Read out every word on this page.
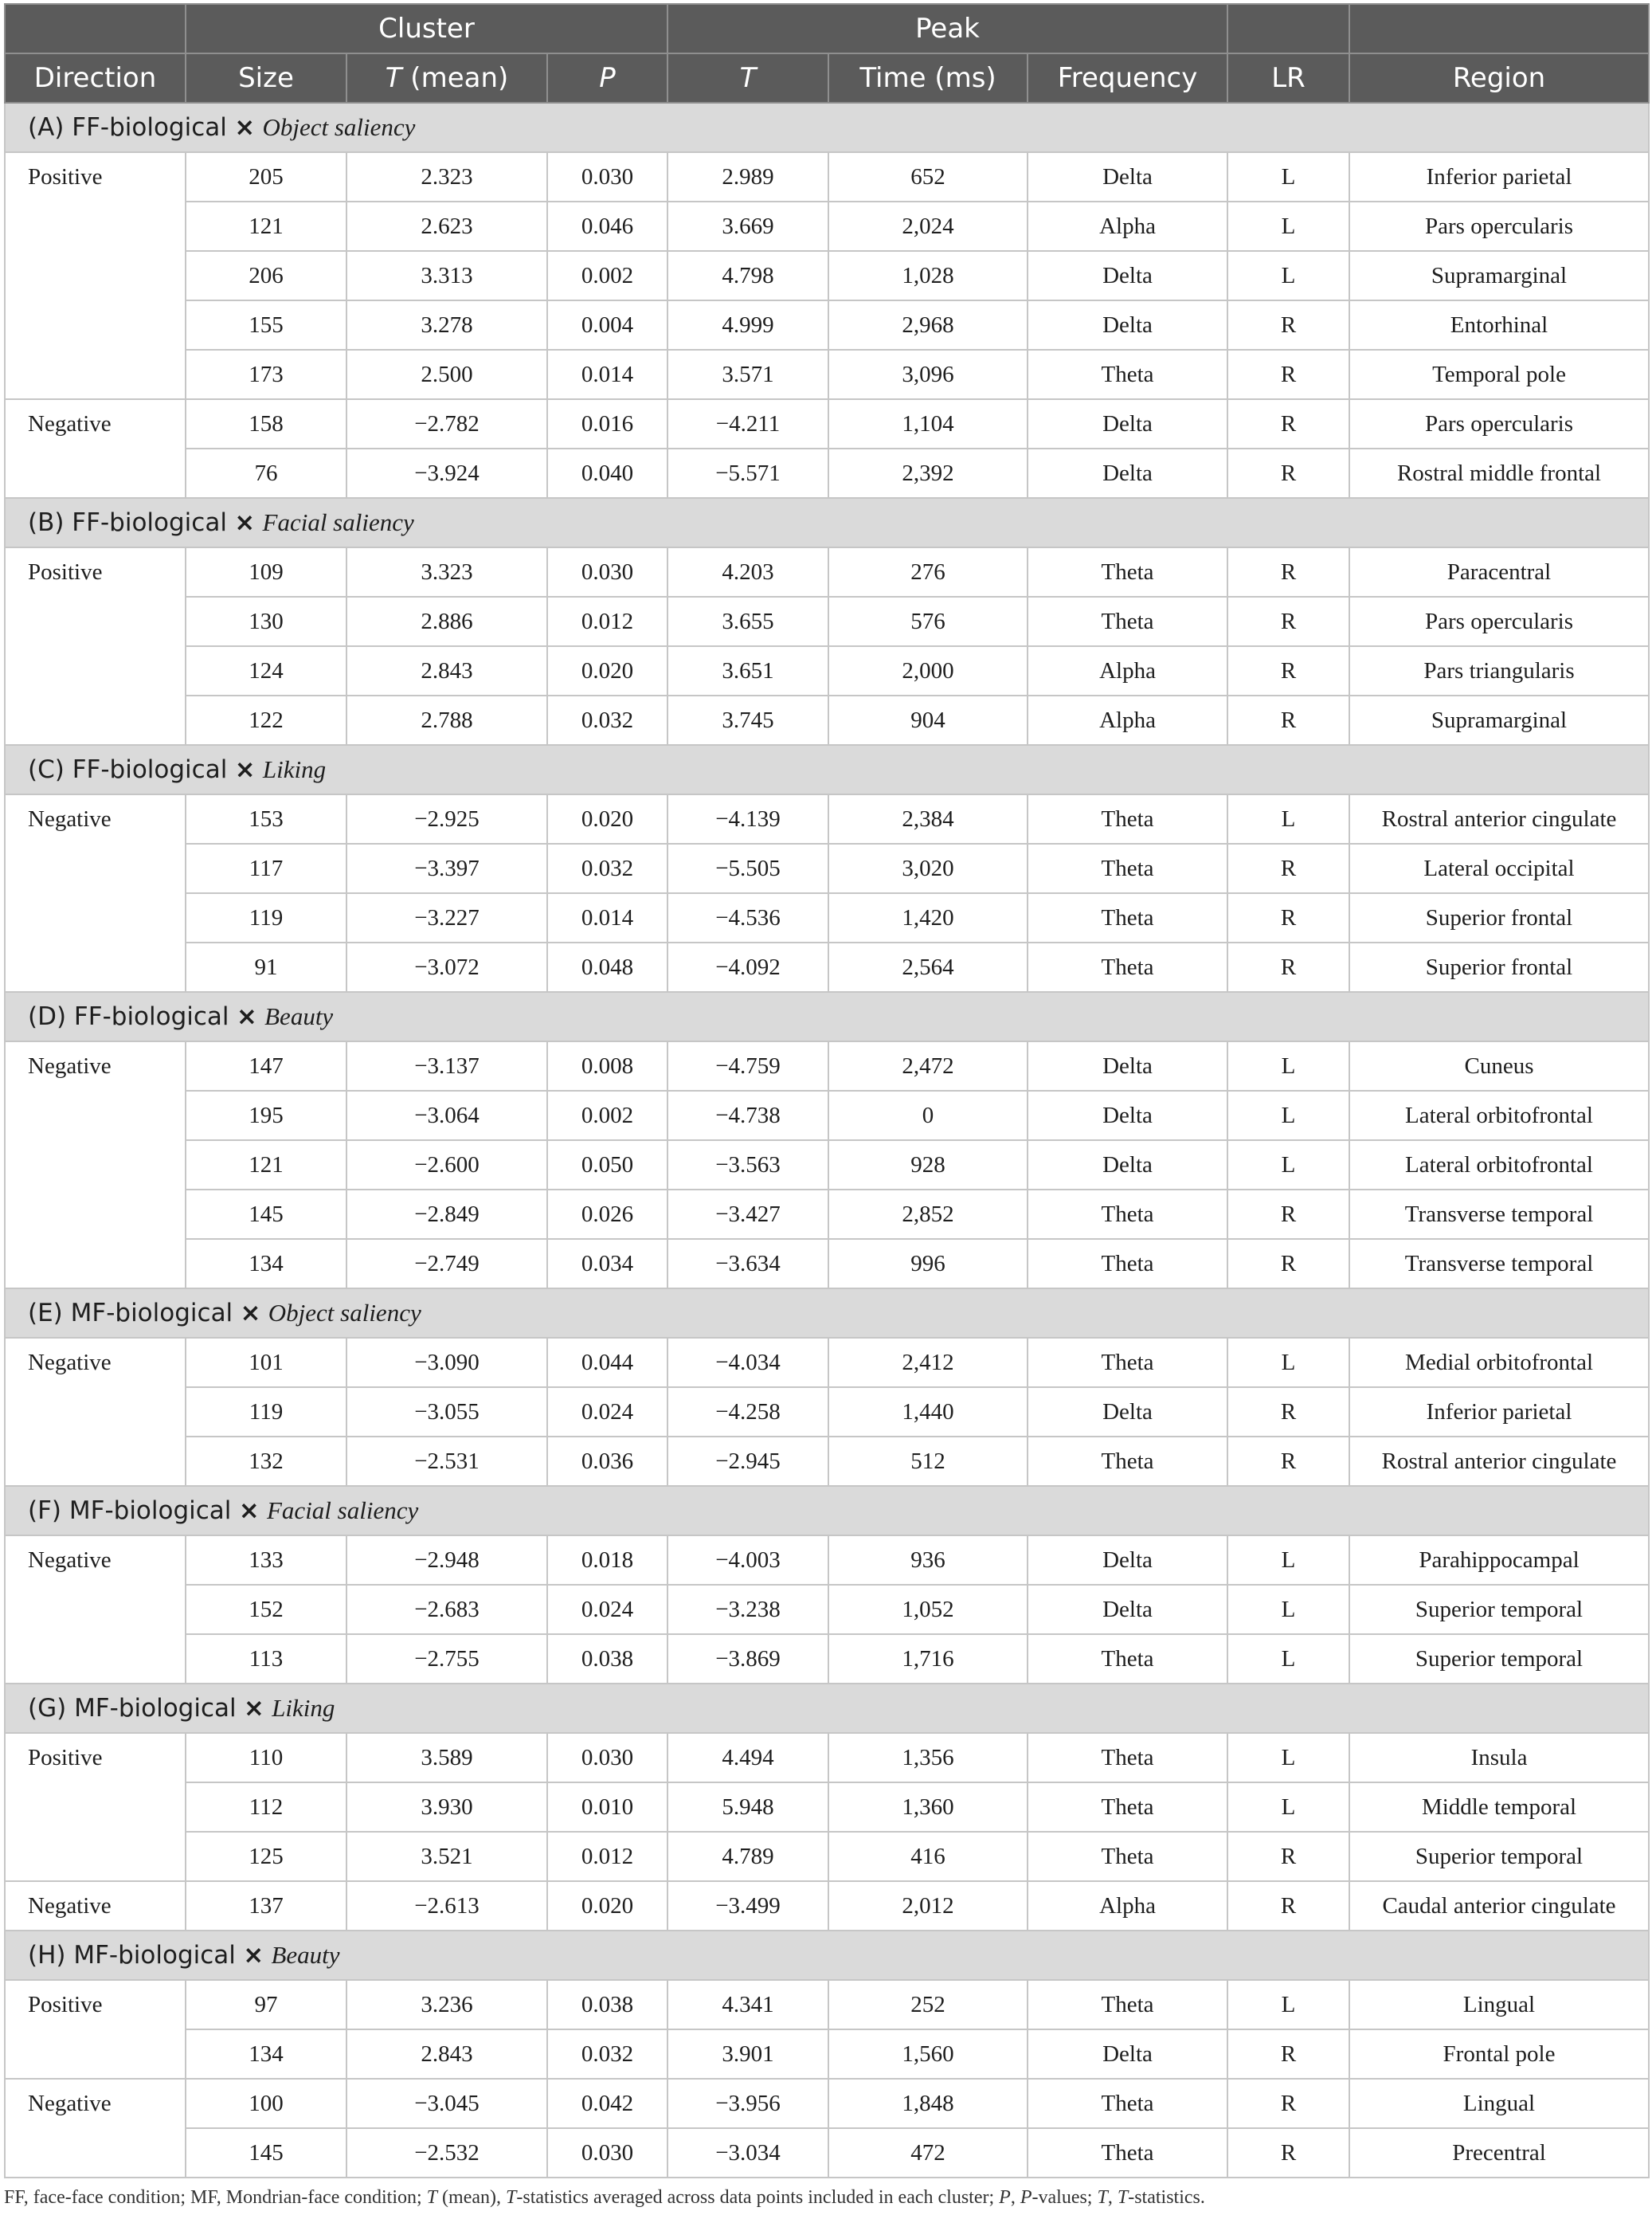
	Cluster			Peak				
Direction	Size	T (mean)	P	T	Time (ms)	Frequency	LR	Region
(A) FF-biological × Object saliency								
Positive	205	2.323	0.030	2.989	652	Delta	L	Inferior parietal
	121	2.623	0.046	3.669	2,024	Alpha	L	Pars opercularis
	206	3.313	0.002	4.798	1,028	Delta	L	Supramarginal
	155	3.278	0.004	4.999	2,968	Delta	R	Entorhinal
	173	2.500	0.014	3.571	3,096	Theta	R	Temporal pole
Negative	158	−2.782	0.016	−4.211	1,104	Delta	R	Pars opercularis
	76	−3.924	0.040	−5.571	2,392	Delta	R	Rostral middle frontal
(B) FF-biological × Facial saliency								
Positive	109	3.323	0.030	4.203	276	Theta	R	Paracentral
	130	2.886	0.012	3.655	576	Theta	R	Pars opercularis
	124	2.843	0.020	3.651	2,000	Alpha	R	Pars triangularis
	122	2.788	0.032	3.745	904	Alpha	R	Supramarginal
(C) FF-biological × Liking								
Negative	153	−2.925	0.020	−4.139	2,384	Theta	L	Rostral anterior cingulate
	117	−3.397	0.032	−5.505	3,020	Theta	R	Lateral occipital
	119	−3.227	0.014	−4.536	1,420	Theta	R	Superior frontal
	91	−3.072	0.048	−4.092	2,564	Theta	R	Superior frontal
(D) FF-biological × Beauty								
Negative	147	−3.137	0.008	−4.759	2,472	Delta	L	Cuneus
	195	−3.064	0.002	−4.738	0	Delta	L	Lateral orbitofrontal
	121	−2.600	0.050	−3.563	928	Delta	L	Lateral orbitofrontal
	145	−2.849	0.026	−3.427	2,852	Theta	R	Transverse temporal
	134	−2.749	0.034	−3.634	996	Theta	R	Transverse temporal
(E) MF-biological × Object saliency								
Negative	101	−3.090	0.044	−4.034	2,412	Theta	L	Medial orbitofrontal
	119	−3.055	0.024	−4.258	1,440	Delta	R	Inferior parietal
	132	−2.531	0.036	−2.945	512	Theta	R	Rostral anterior cingulate
(F) MF-biological × Facial saliency								
Negative	133	−2.948	0.018	−4.003	936	Delta	L	Parahippocampal
	152	−2.683	0.024	−3.238	1,052	Delta	L	Superior temporal
	113	−2.755	0.038	−3.869	1,716	Theta	L	Superior temporal
(G) MF-biological × Liking								
Positive	110	3.589	0.030	4.494	1,356	Theta	L	Insula
	112	3.930	0.010	5.948	1,360	Theta	L	Middle temporal
	125	3.521	0.012	4.789	416	Theta	R	Superior temporal
Negative	137	−2.613	0.020	−3.499	2,012	Alpha	R	Caudal anterior cingulate
(H) MF-biological × Beauty								
Positive	97	3.236	0.038	4.341	252	Theta	L	Lingual
	134	2.843	0.032	3.901	1,560	Delta	R	Frontal pole
Negative	100	−3.045	0.042	−3.956	1,848	Theta	R	Lingual
	145	−2.532	0.030	−3.034	472	Theta	R	Precentral

FF, face-face condition; MF, Mondrian-face condition; T (mean), T-statistics averaged across data points included in each cluster; P, P-values; T, T-statistics.
